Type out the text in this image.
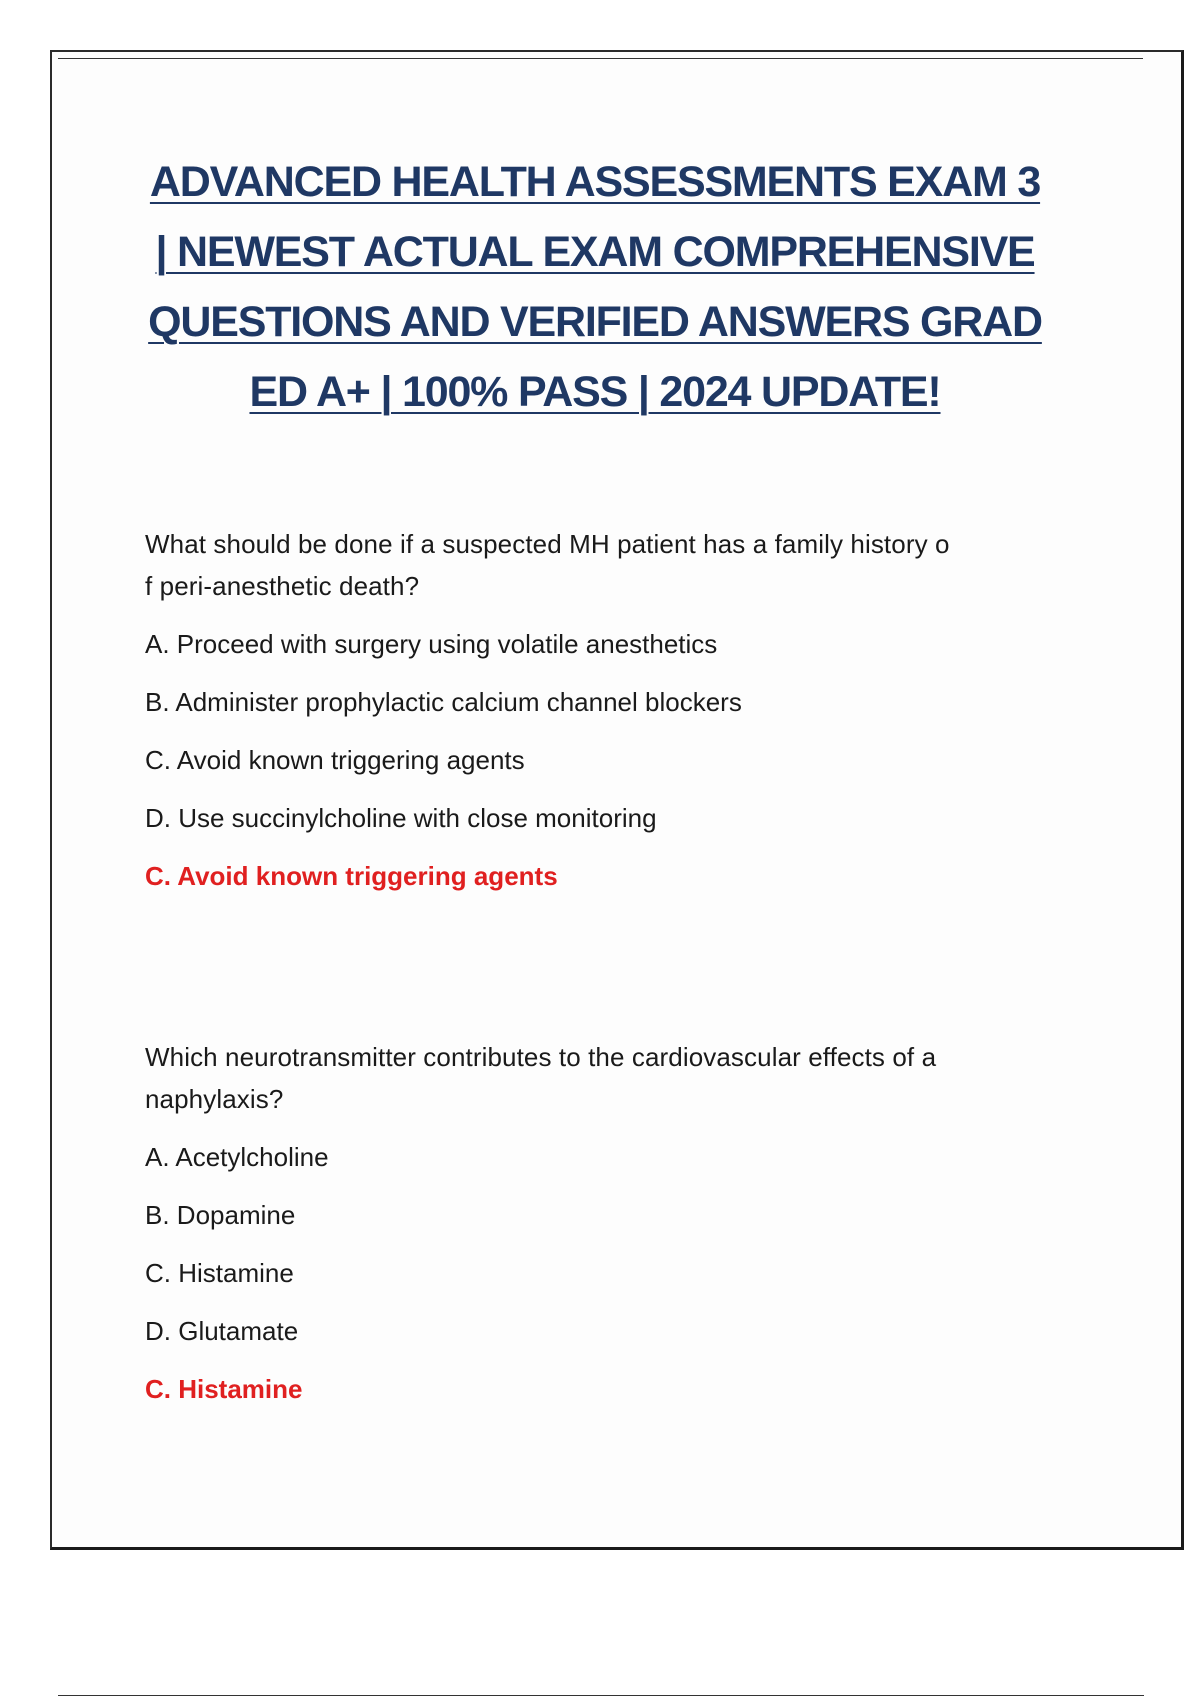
ADVANCED HEALTH ASSESSMENTS EXAM 3
| NEWEST ACTUAL EXAM COMPREHENSIVE
QUESTIONS AND VERIFIED ANSWERS GRAD
ED A+ | 100% PASS | 2024 UPDATE!

What should be done if a suspected MH patient has a family history o
f peri-anesthetic death?

A. Proceed with surgery using volatile anesthetics

B. Administer prophylactic calcium channel blockers

C. Avoid known triggering agents

D. Use succinylcholine with close monitoring

C. Avoid known triggering agents

Which neurotransmitter contributes to the cardiovascular effects of a
naphylaxis?

A. Acetylcholine

B. Dopamine

C. Histamine

D. Glutamate

C. Histamine
